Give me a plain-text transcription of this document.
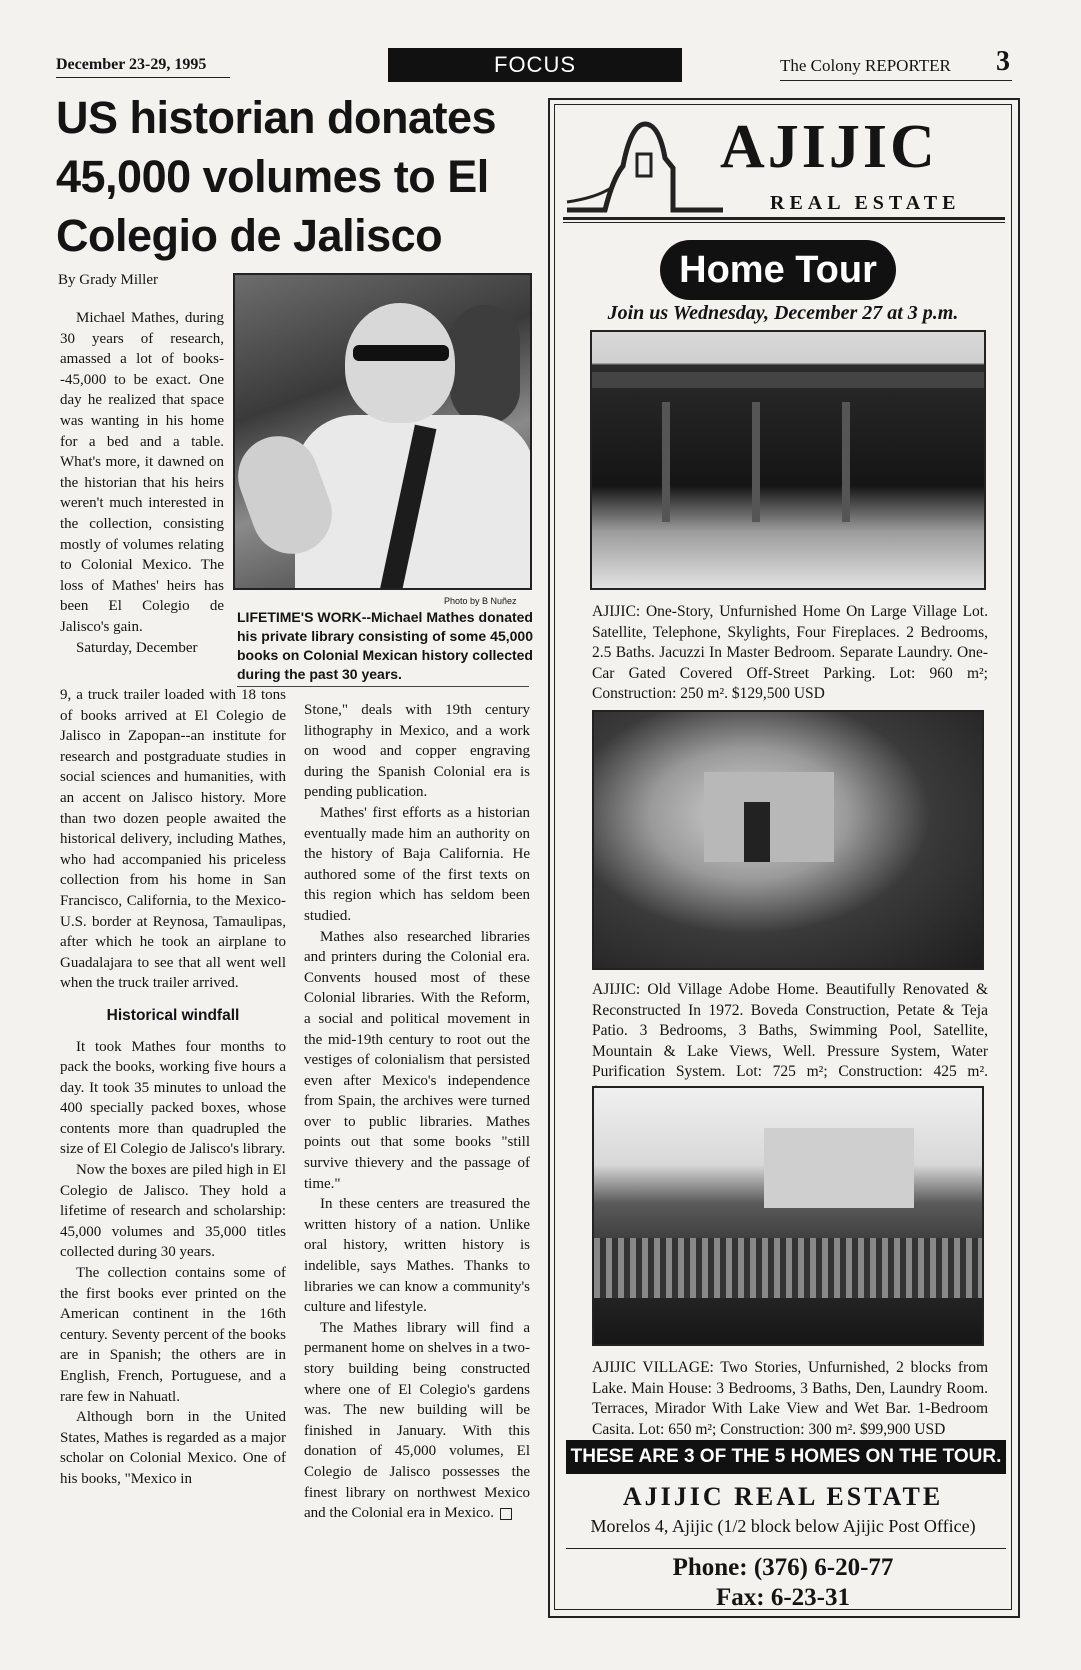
December 23-29, 1995	FOCUS	The Colony REPORTER 3
US historian donates 45,000 volumes to El Colegio de Jalisco
By Grady Miller

Michael Mathes, during 30 years of research, amassed a lot of books--45,000 to be exact. One day he realized that space was wanting in his home for a bed and a table. What's more, it dawned on the historian that his heirs weren't much interested in the collection, consisting mostly of volumes relating to Colonial Mexico. The loss of Mathes' heirs has been El Colegio de Jalisco's gain.

Saturday, December

9, a truck trailer loaded with 18 tons of books arrived at El Colegio de Jalisco in Zapopan--an institute for research and postgraduate studies in social sciences and humanities, with an accent on Jalisco history. More than two dozen people awaited the historical delivery, including Mathes, who had accompanied his priceless collection from his home in San Francisco, California, to the Mexico-U.S. border at Reynosa, Tamaulipas, after which he took an airplane to Guadalajara to see that all went well when the truck trailer arrived.

Historical windfall

It took Mathes four months to pack the books, working five hours a day. It took 35 minutes to unload the 400 specially packed boxes, whose contents more than quadrupled the size of El Colegio de Jalisco's library.

Now the boxes are piled high in El Colegio de Jalisco. They hold a lifetime of research and scholarship: 45,000 volumes and 35,000 titles collected during 30 years.

The collection contains some of the first books ever printed on the American continent in the 16th century. Seventy percent of the books are in Spanish; the others are in English, French, Portuguese, and a rare few in Nahuatl.

Although born in the United States, Mathes is regarded as a major scholar on Colonial Mexico. One of his books, "Mexico in

Photo by B Nuñez
LIFETIME'S WORK--Michael Mathes donated his private library consisting of some 45,000 books on Colonial Mexican history collected during the past 30 years.

Stone," deals with 19th century lithography in Mexico, and a work on wood and copper engraving during the Spanish Colonial era is pending publication.

Mathes' first efforts as a historian eventually made him an authority on the history of Baja California. He authored some of the first texts on this region which has seldom been studied.

Mathes also researched libraries and printers during the Colonial era. Convents housed most of these Colonial libraries. With the Reform, a social and political movement in the mid-19th century to root out the vestiges of colonialism that persisted even after Mexico's independence from Spain, the archives were turned over to public libraries. Mathes points out that some books "still survive thievery and the passage of time."

In these centers are treasured the written history of a nation. Unlike oral history, written history is indelible, says Mathes. Thanks to libraries we can know a community's culture and lifestyle.

The Mathes library will find a permanent home on shelves in a two-story building being constructed where one of El Colegio's gardens was. The new building will be finished in January. With this donation of 45,000 volumes, El Colegio de Jalisco possesses the finest library on northwest Mexico and the Colonial era in Mexico.

AJIJIC
REAL ESTATE
Home Tour
Join us Wednesday, December 27 at 3 p.m.
AJIJIC: One-Story, Unfurnished Home On Large Village Lot. Satellite, Telephone, Skylights, Four Fireplaces. 2 Bedrooms, 2.5 Baths. Jacuzzi In Master Bedroom. Separate Laundry. One-Car Gated Covered Off-Street Parking. Lot: 960 m²; Construction: 250 m². $129,500 USD
AJIJIC: Old Village Adobe Home. Beautifully Renovated & Reconstructed In 1972. Boveda Construction, Petate & Teja Patio. 3 Bedrooms, 3 Baths, Swimming Pool, Satellite, Mountain & Lake Views, Well. Pressure System, Water Purification System. Lot: 725 m²; Construction: 425 m².
AJIJIC VILLAGE: Two Stories, Unfurnished, 2 blocks from Lake. Main House: 3 Bedrooms, 3 Baths, Den, Laundry Room. Terraces, Mirador With Lake View and Wet Bar. 1-Bedroom Casita. Lot: 650 m²; Construction: 300 m². $99,900 USD
THESE ARE 3 OF THE 5 HOMES ON THE TOUR.
AJIJIC REAL ESTATE
Morelos 4, Ajijic (1/2 block below Ajijic Post Office)
Phone: (376) 6-20-77
Fax: 6-23-31
